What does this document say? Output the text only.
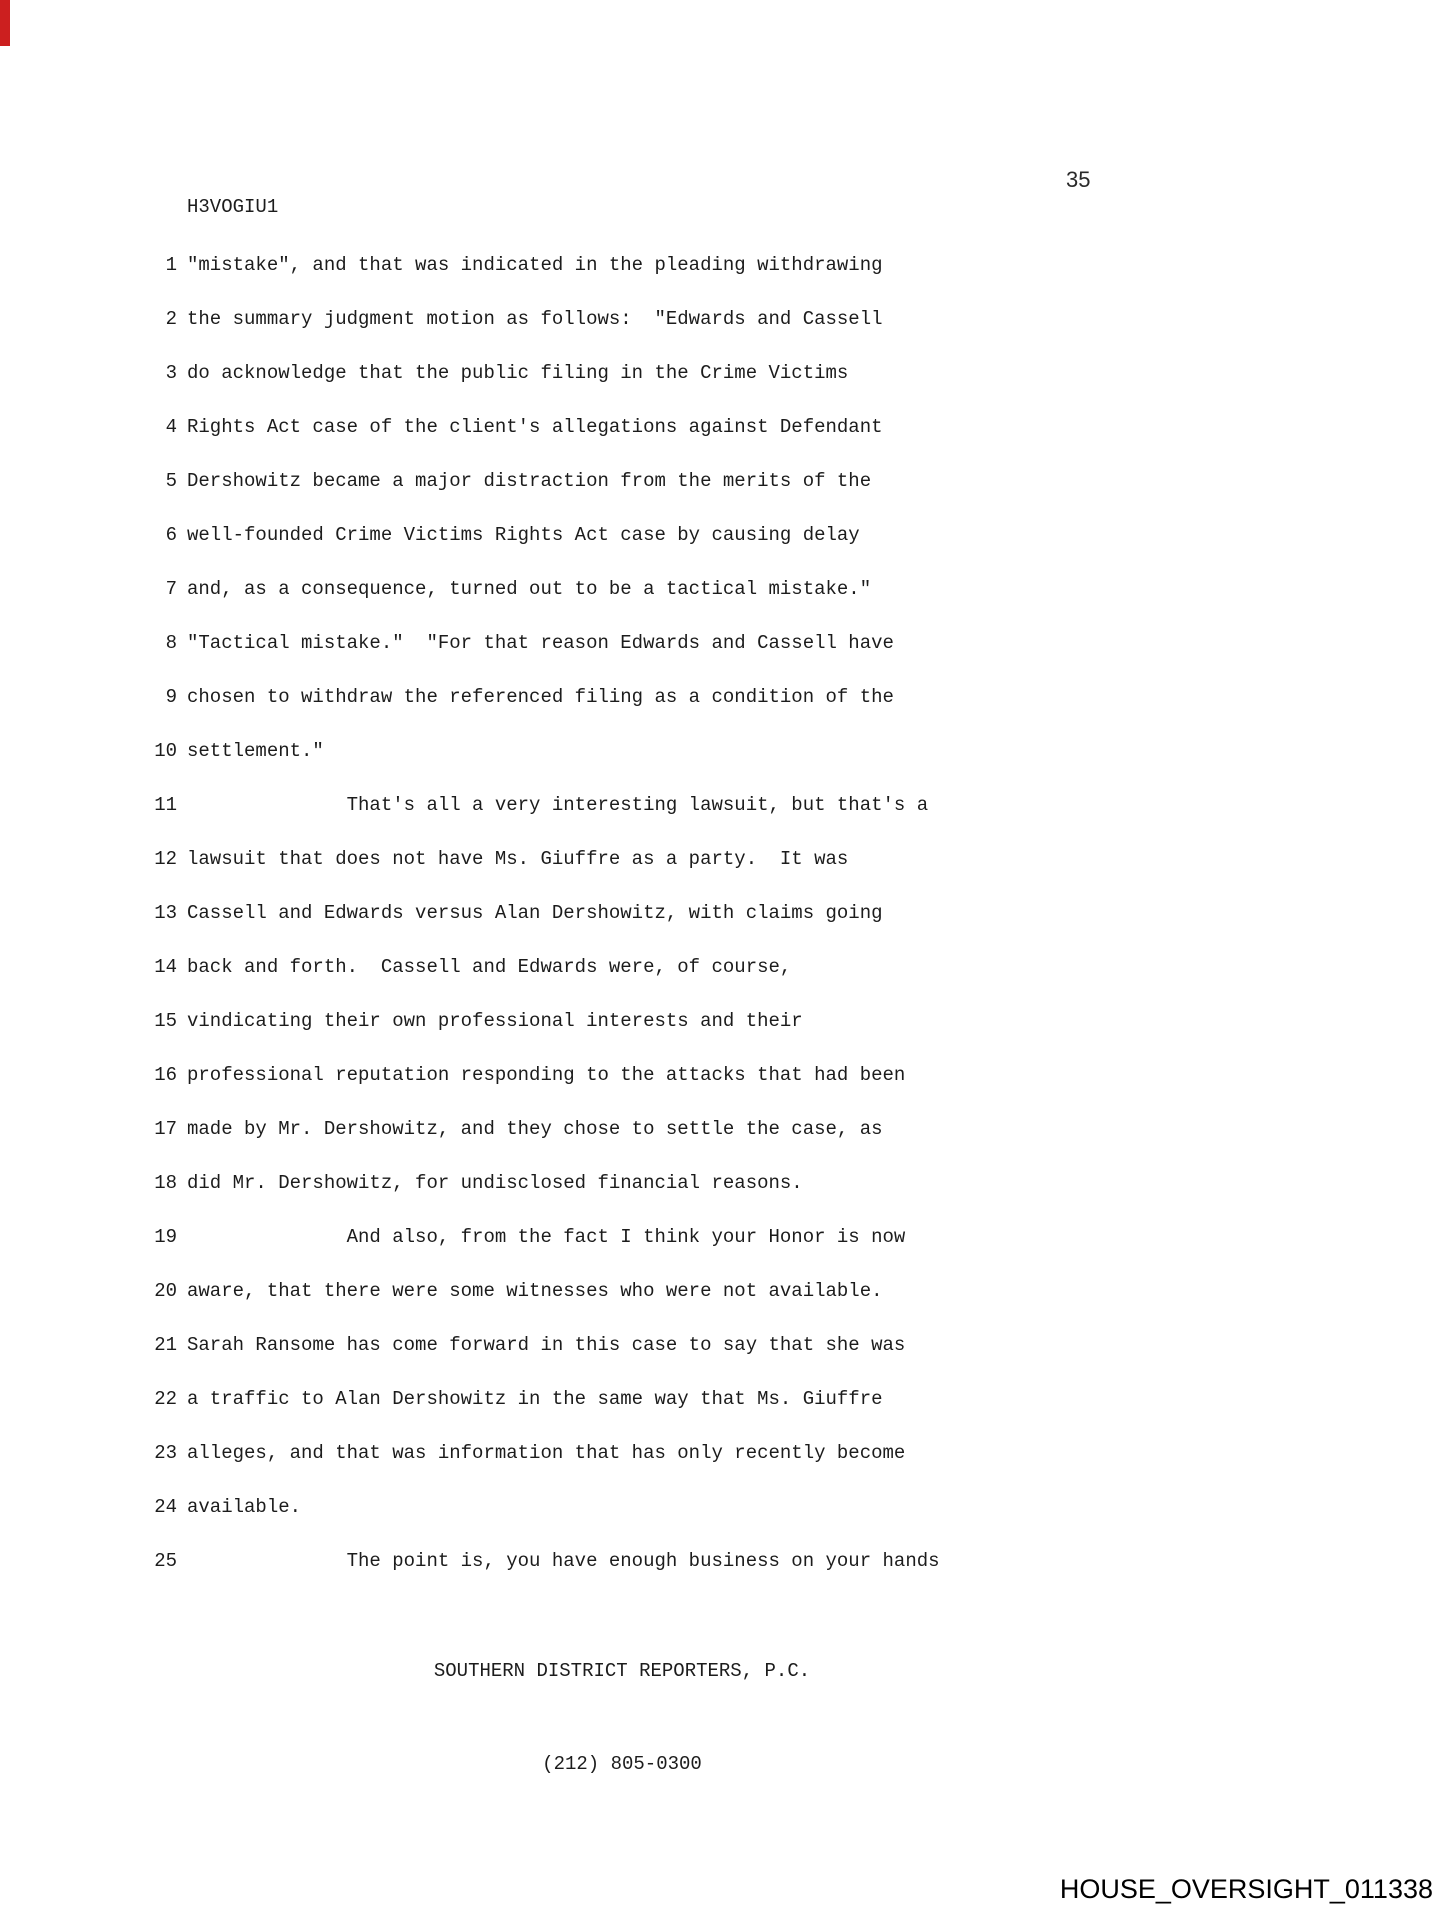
35
H3VOGIU1
1 "mistake", and that was indicated in the pleading withdrawing
2 the summary judgment motion as follows:  "Edwards and Cassell
3 do acknowledge that the public filing in the Crime Victims
4 Rights Act case of the client's allegations against Defendant
5 Dershowitz became a major distraction from the merits of the
6 well-founded Crime Victims Rights Act case by causing delay
7 and, as a consequence, turned out to be a tactical mistake."
8 "Tactical mistake."  "For that reason Edwards and Cassell have
9 chosen to withdraw the referenced filing as a condition of the
10 settlement."
11 That's all a very interesting lawsuit, but that's a
12 lawsuit that does not have Ms. Giuffre as a party.  It was
13 Cassell and Edwards versus Alan Dershowitz, with claims going
14 back and forth.  Cassell and Edwards were, of course,
15 vindicating their own professional interests and their
16 professional reputation responding to the attacks that had been
17 made by Mr. Dershowitz, and they chose to settle the case, as
18 did Mr. Dershowitz, for undisclosed financial reasons.
19 And also, from the fact I think your Honor is now
20 aware, that there were some witnesses who were not available.
21 Sarah Ransome has come forward in this case to say that she was
22 a traffic to Alan Dershowitz in the same way that Ms. Giuffre
23 alleges, and that was information that has only recently become
24 available.
25 The point is, you have enough business on your hands

SOUTHERN DISTRICT REPORTERS, P.C.

(212) 805-0300

HOUSE_OVERSIGHT_011338
